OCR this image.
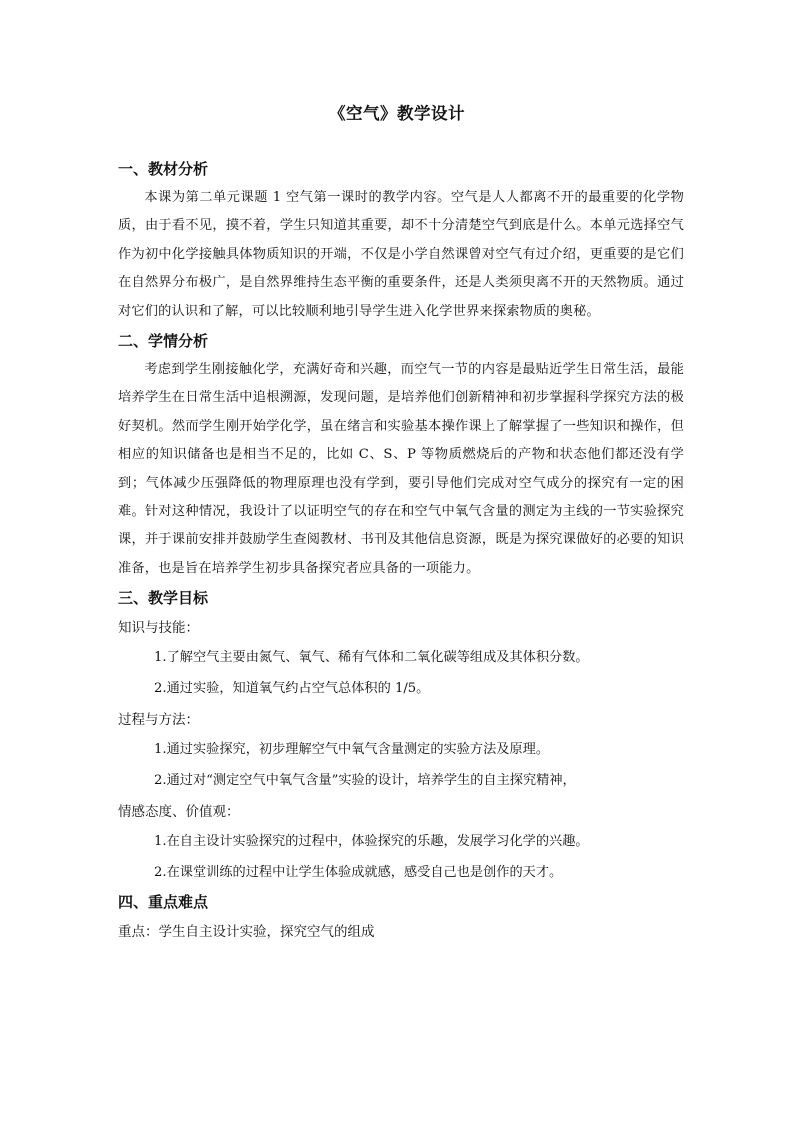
《空气》教学设计
一、教材分析

本课为第二单元课题 1 空气第一课时的教学内容。空气是人人都离不开的最重要的化学物质，由于看不见，摸不着，学生只知道其重要，却不十分清楚空气到底是什么。本单元选择空气作为初中化学接触具体物质知识的开端，不仅是小学自然课曾对空气有过介绍，更重要的是它们在自然界分布极广，是自然界维持生态平衡的重要条件，还是人类须臾离不开的天然物质。通过对它们的认识和了解，可以比较顺利地引导学生进入化学世界来探索物质的奥秘。

二、学情分析

考虑到学生刚接触化学，充满好奇和兴趣，而空气一节的内容是最贴近学生日常生活，最能培养学生在日常生活中追根溯源，发现问题，是培养他们创新精神和初步掌握科学探究方法的极好契机。然而学生刚开始学化学，虽在绪言和实验基本操作课上了解掌握了一些知识和操作，但相应的知识储备也是相当不足的，比如 C、S、P 等物质燃烧后的产物和状态他们都还没有学到；气体减少压强降低的物理原理也没有学到，要引导他们完成对空气成分的探究有一定的困难。针对这种情况，我设计了以证明空气的存在和空气中氧气含量的测定为主线的一节实验探究课，并于课前安排并鼓励学生查阅教材、书刊及其他信息资源，既是为探究课做好的必要的知识准备，也是旨在培养学生初步具备探究者应具备的一项能力。

三、教学目标

知识与技能：

1.了解空气主要由氮气、氧气、稀有气体和二氧化碳等组成及其体积分数。

2.通过实验，知道氧气约占空气总体积的 1/5。

过程与方法：

1.通过实验探究，初步理解空气中氧气含量测定的实验方法及原理。

2.通过对“测定空气中氧气含量”实验的设计，培养学生的自主探究精神，

情感态度、价值观：

1.在自主设计实验探究的过程中，体验探究的乐趣，发展学习化学的兴趣。

2.在课堂训练的过程中让学生体验成就感，感受自己也是创作的天才。

四、重点难点

重点：学生自主设计实验，探究空气的组成
